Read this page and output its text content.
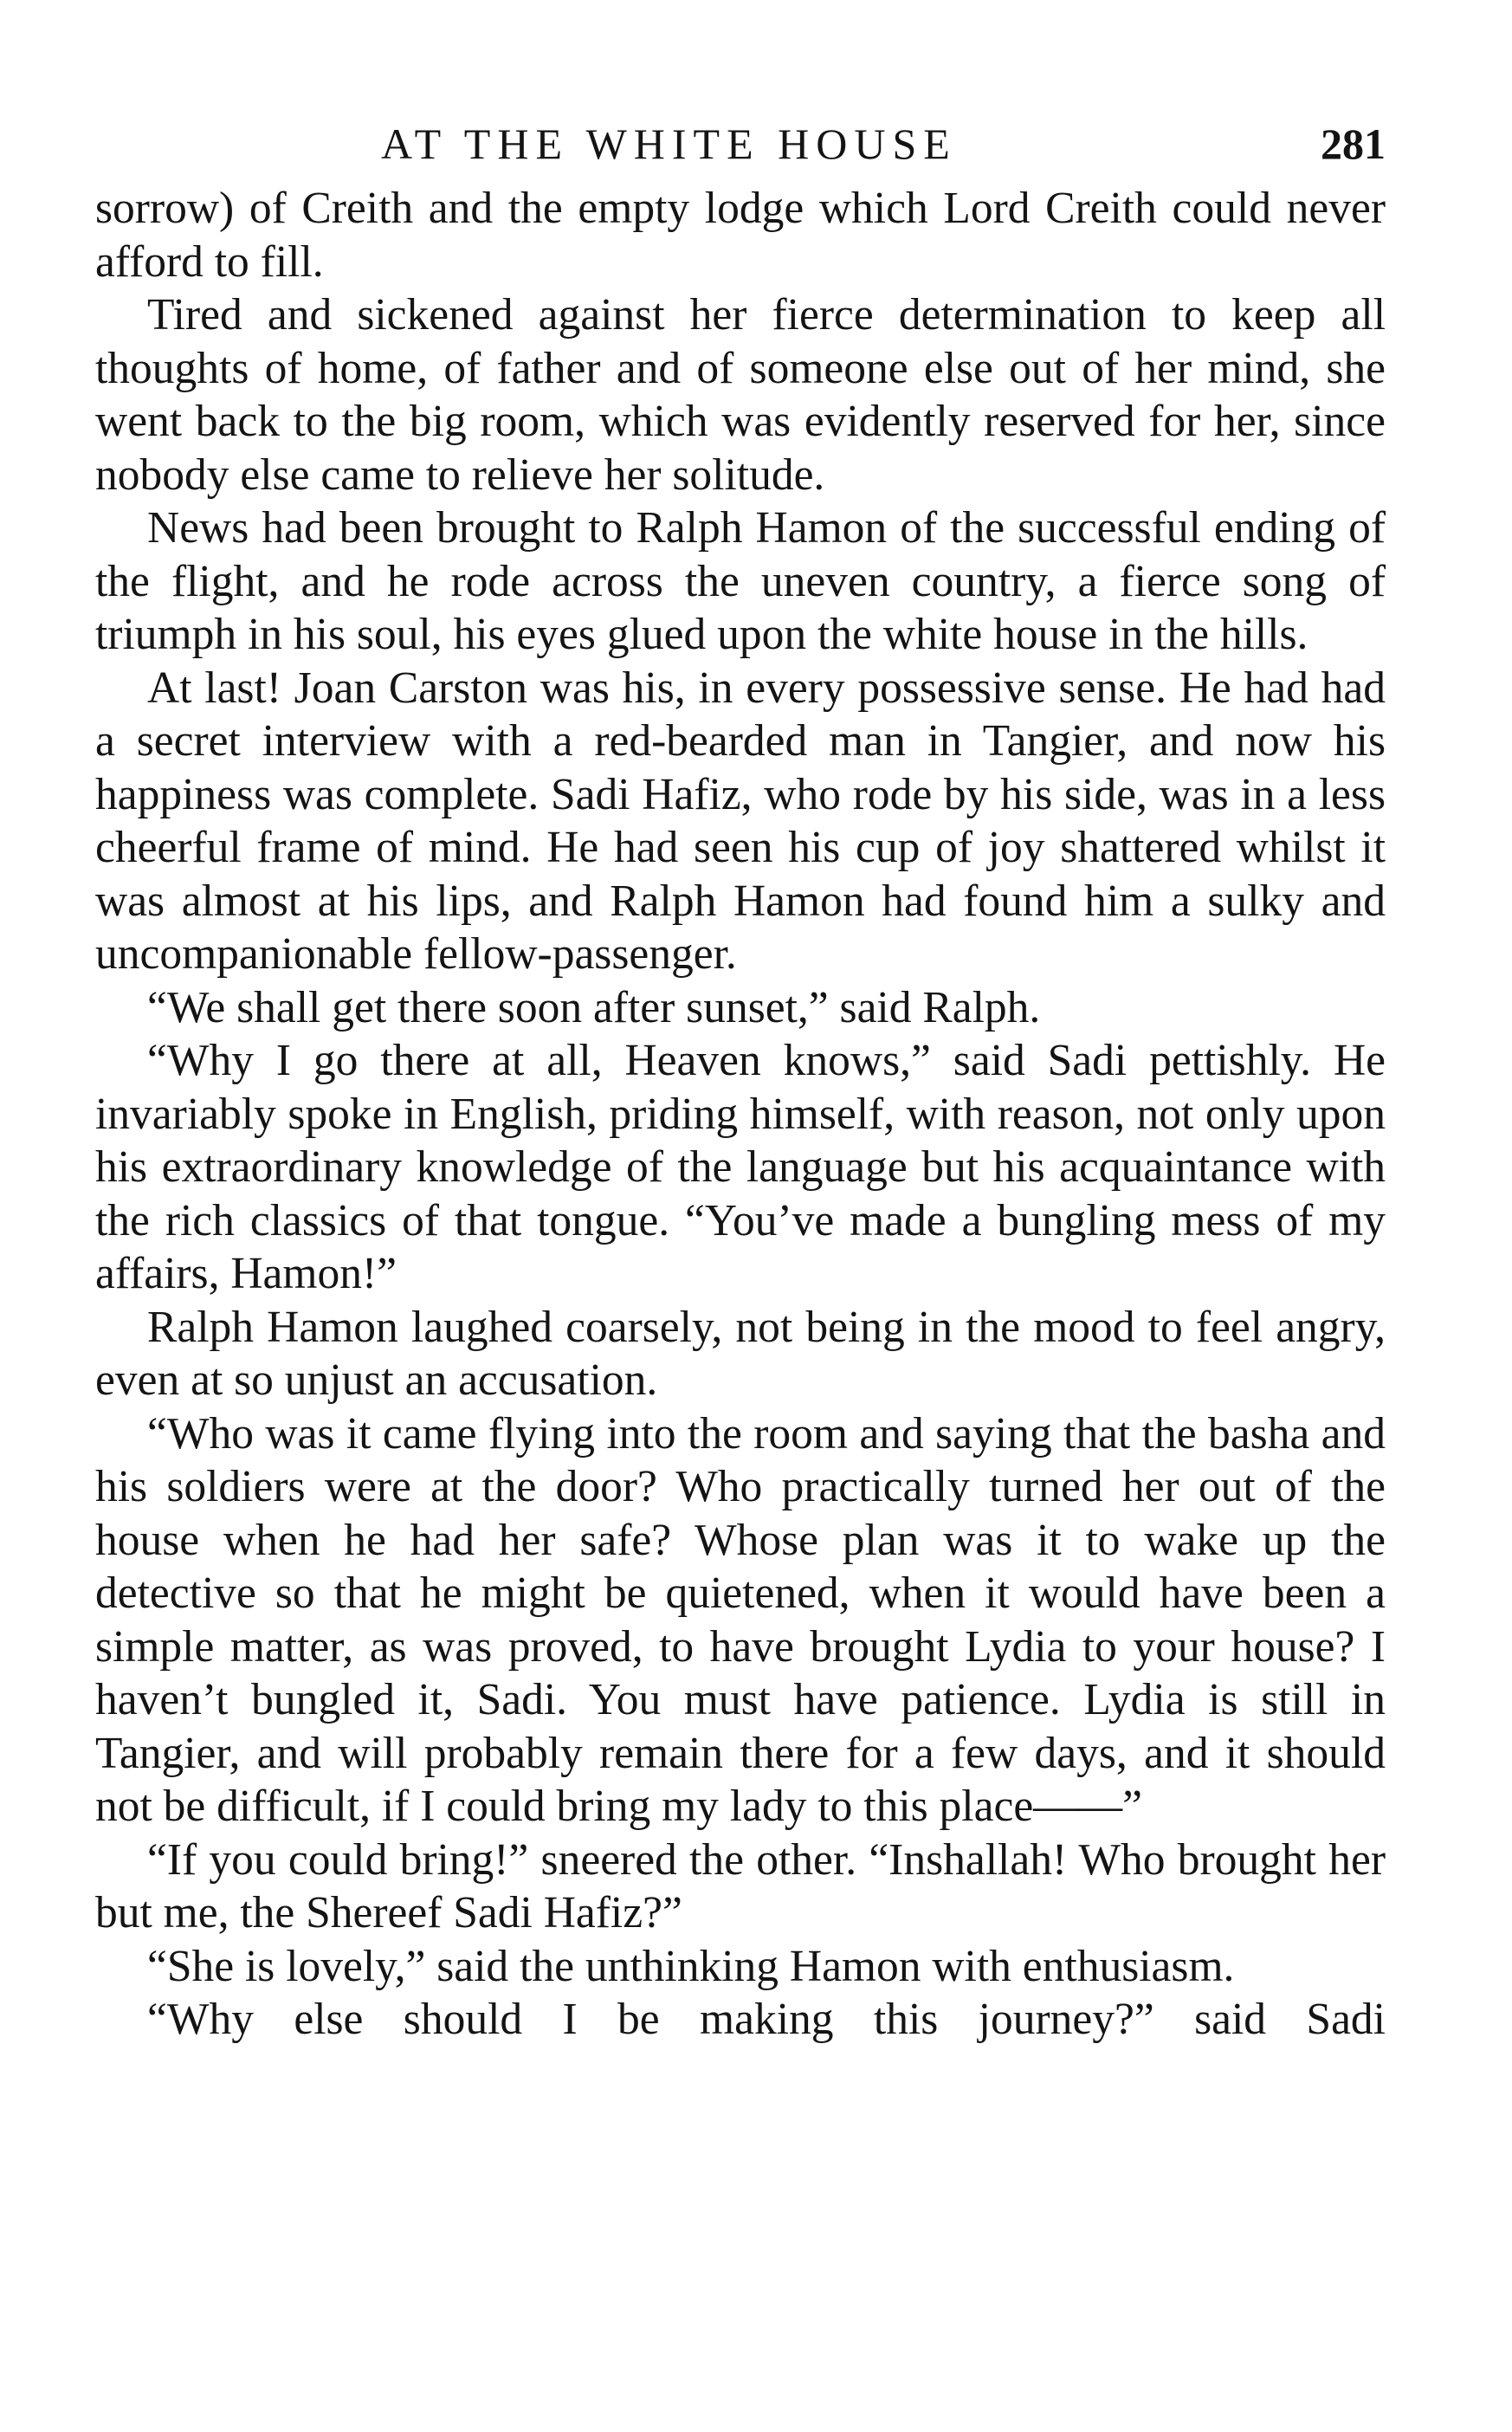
AT THE WHITE HOUSE	281

sorrow) of Creith and the empty lodge which Lord Creith could never afford to fill.

Tired and sickened against her fierce determination to keep all thoughts of home, of father and of someone else out of her mind, she went back to the big room, which was evidently reserved for her, since nobody else came to relieve her solitude.

News had been brought to Ralph Hamon of the successful ending of the flight, and he rode across the uneven country, a fierce song of triumph in his soul, his eyes glued upon the white house in the hills.

At last! Joan Carston was his, in every possessive sense. He had had a secret interview with a red-bearded man in Tangier, and now his happiness was complete. Sadi Hafiz, who rode by his side, was in a less cheerful frame of mind. He had seen his cup of joy shattered whilst it was almost at his lips, and Ralph Hamon had found him a sulky and uncompanionable fellow-passenger.

“We shall get there soon after sunset,” said Ralph.

“Why I go there at all, Heaven knows,” said Sadi pettishly. He invariably spoke in English, priding himself, with reason, not only upon his extraordinary knowledge of the language but his acquaintance with the rich classics of that tongue. “You’ve made a bungling mess of my affairs, Hamon!”

Ralph Hamon laughed coarsely, not being in the mood to feel angry, even at so unjust an accusation.

“Who was it came flying into the room and saying that the basha and his soldiers were at the door? Who practically turned her out of the house when he had her safe? Whose plan was it to wake up the detective so that he might be quietened, when it would have been a simple matter, as was proved, to have brought Lydia to your house? I haven’t bungled it, Sadi. You must have patience. Lydia is still in Tangier, and will probably remain there for a few days, and it should not be difficult, if I could bring my lady to this place——”

“If you could bring!” sneered the other. “Inshallah! Who brought her but me, the Shereef Sadi Hafiz?”

“She is lovely,” said the unthinking Hamon with enthusiasm.

“Why else should I be making this journey?” said Sadi
